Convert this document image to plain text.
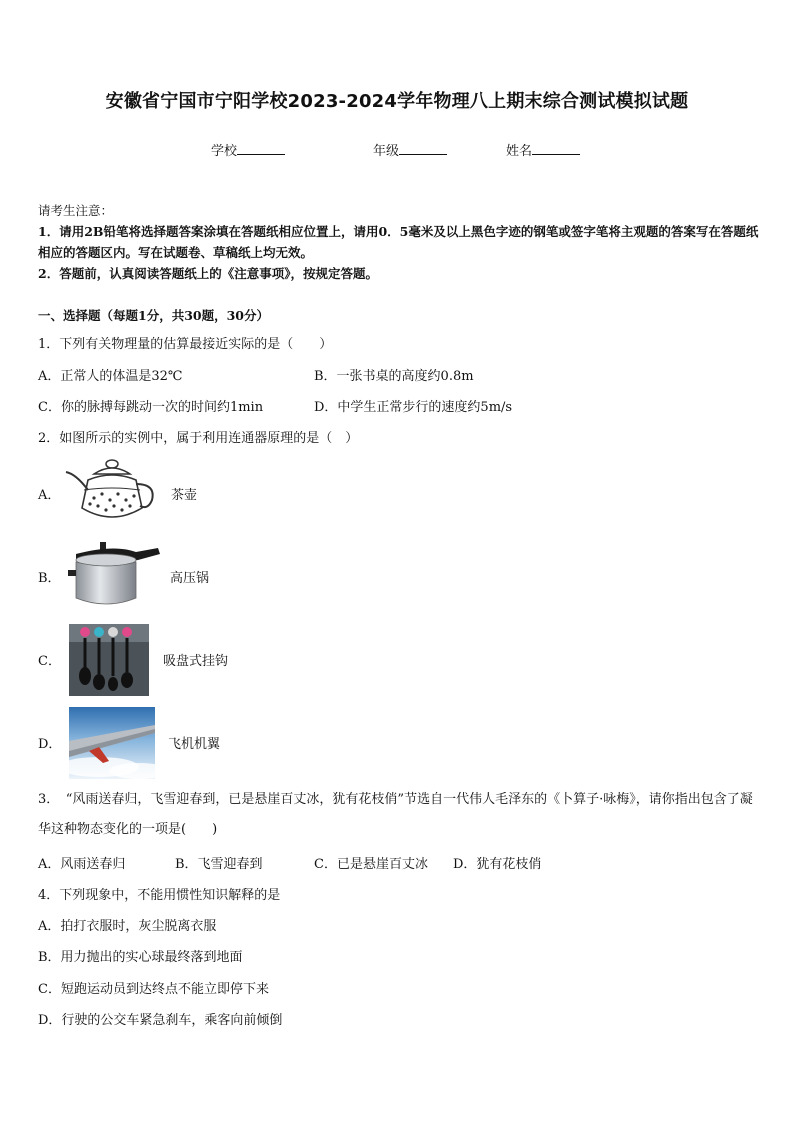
安徽省宁国市宁阳学校2023-2024学年物理八上期末综合测试模拟试题
学校	年级	姓名

请考生注意：

1．请用2B铅笔将选择题答案涂填在答题纸相应位置上，请用0．5毫米及以上黑色字迹的钢笔或签字笔将主观题的答案写在答题纸相应的答题区内。写在试题卷、草稿纸上均无效。

2．答题前，认真阅读答题纸上的《注意事项》，按规定答题。

一、选择题（每题1分，共30题，30分）
1．下列有关物理量的估算最接近实际的是（　　）
A．正常人的体温是32℃	B．一张书桌的高度约0.8m
C．你的脉搏每跳动一次的时间约1min	D．中学生正常步行的速度约5m/s
2．如图所示的实例中，属于利用连通器原理的是（　）
A．	茶壶
B．	高压锅
C．	吸盘式挂钩
D．	飞机机翼
3．　“风雨送春归，飞雪迎春到，已是悬崖百丈冰，犹有花枝俏”节选自一代伟人毛泽东的《卜算子·咏梅》，请你指出包含了凝华这种物态变化的一项是(　　)
A．风雨送春归	B．飞雪迎春到	C．已是悬崖百丈冰 D．犹有花枝俏
4．下列现象中，不能用惯性知识解释的是
A．拍打衣服时，灰尘脱离衣服
B．用力抛出的实心球最终落到地面
C．短跑运动员到达终点不能立即停下来
D．行驶的公交车紧急刹车，乘客向前倾倒
